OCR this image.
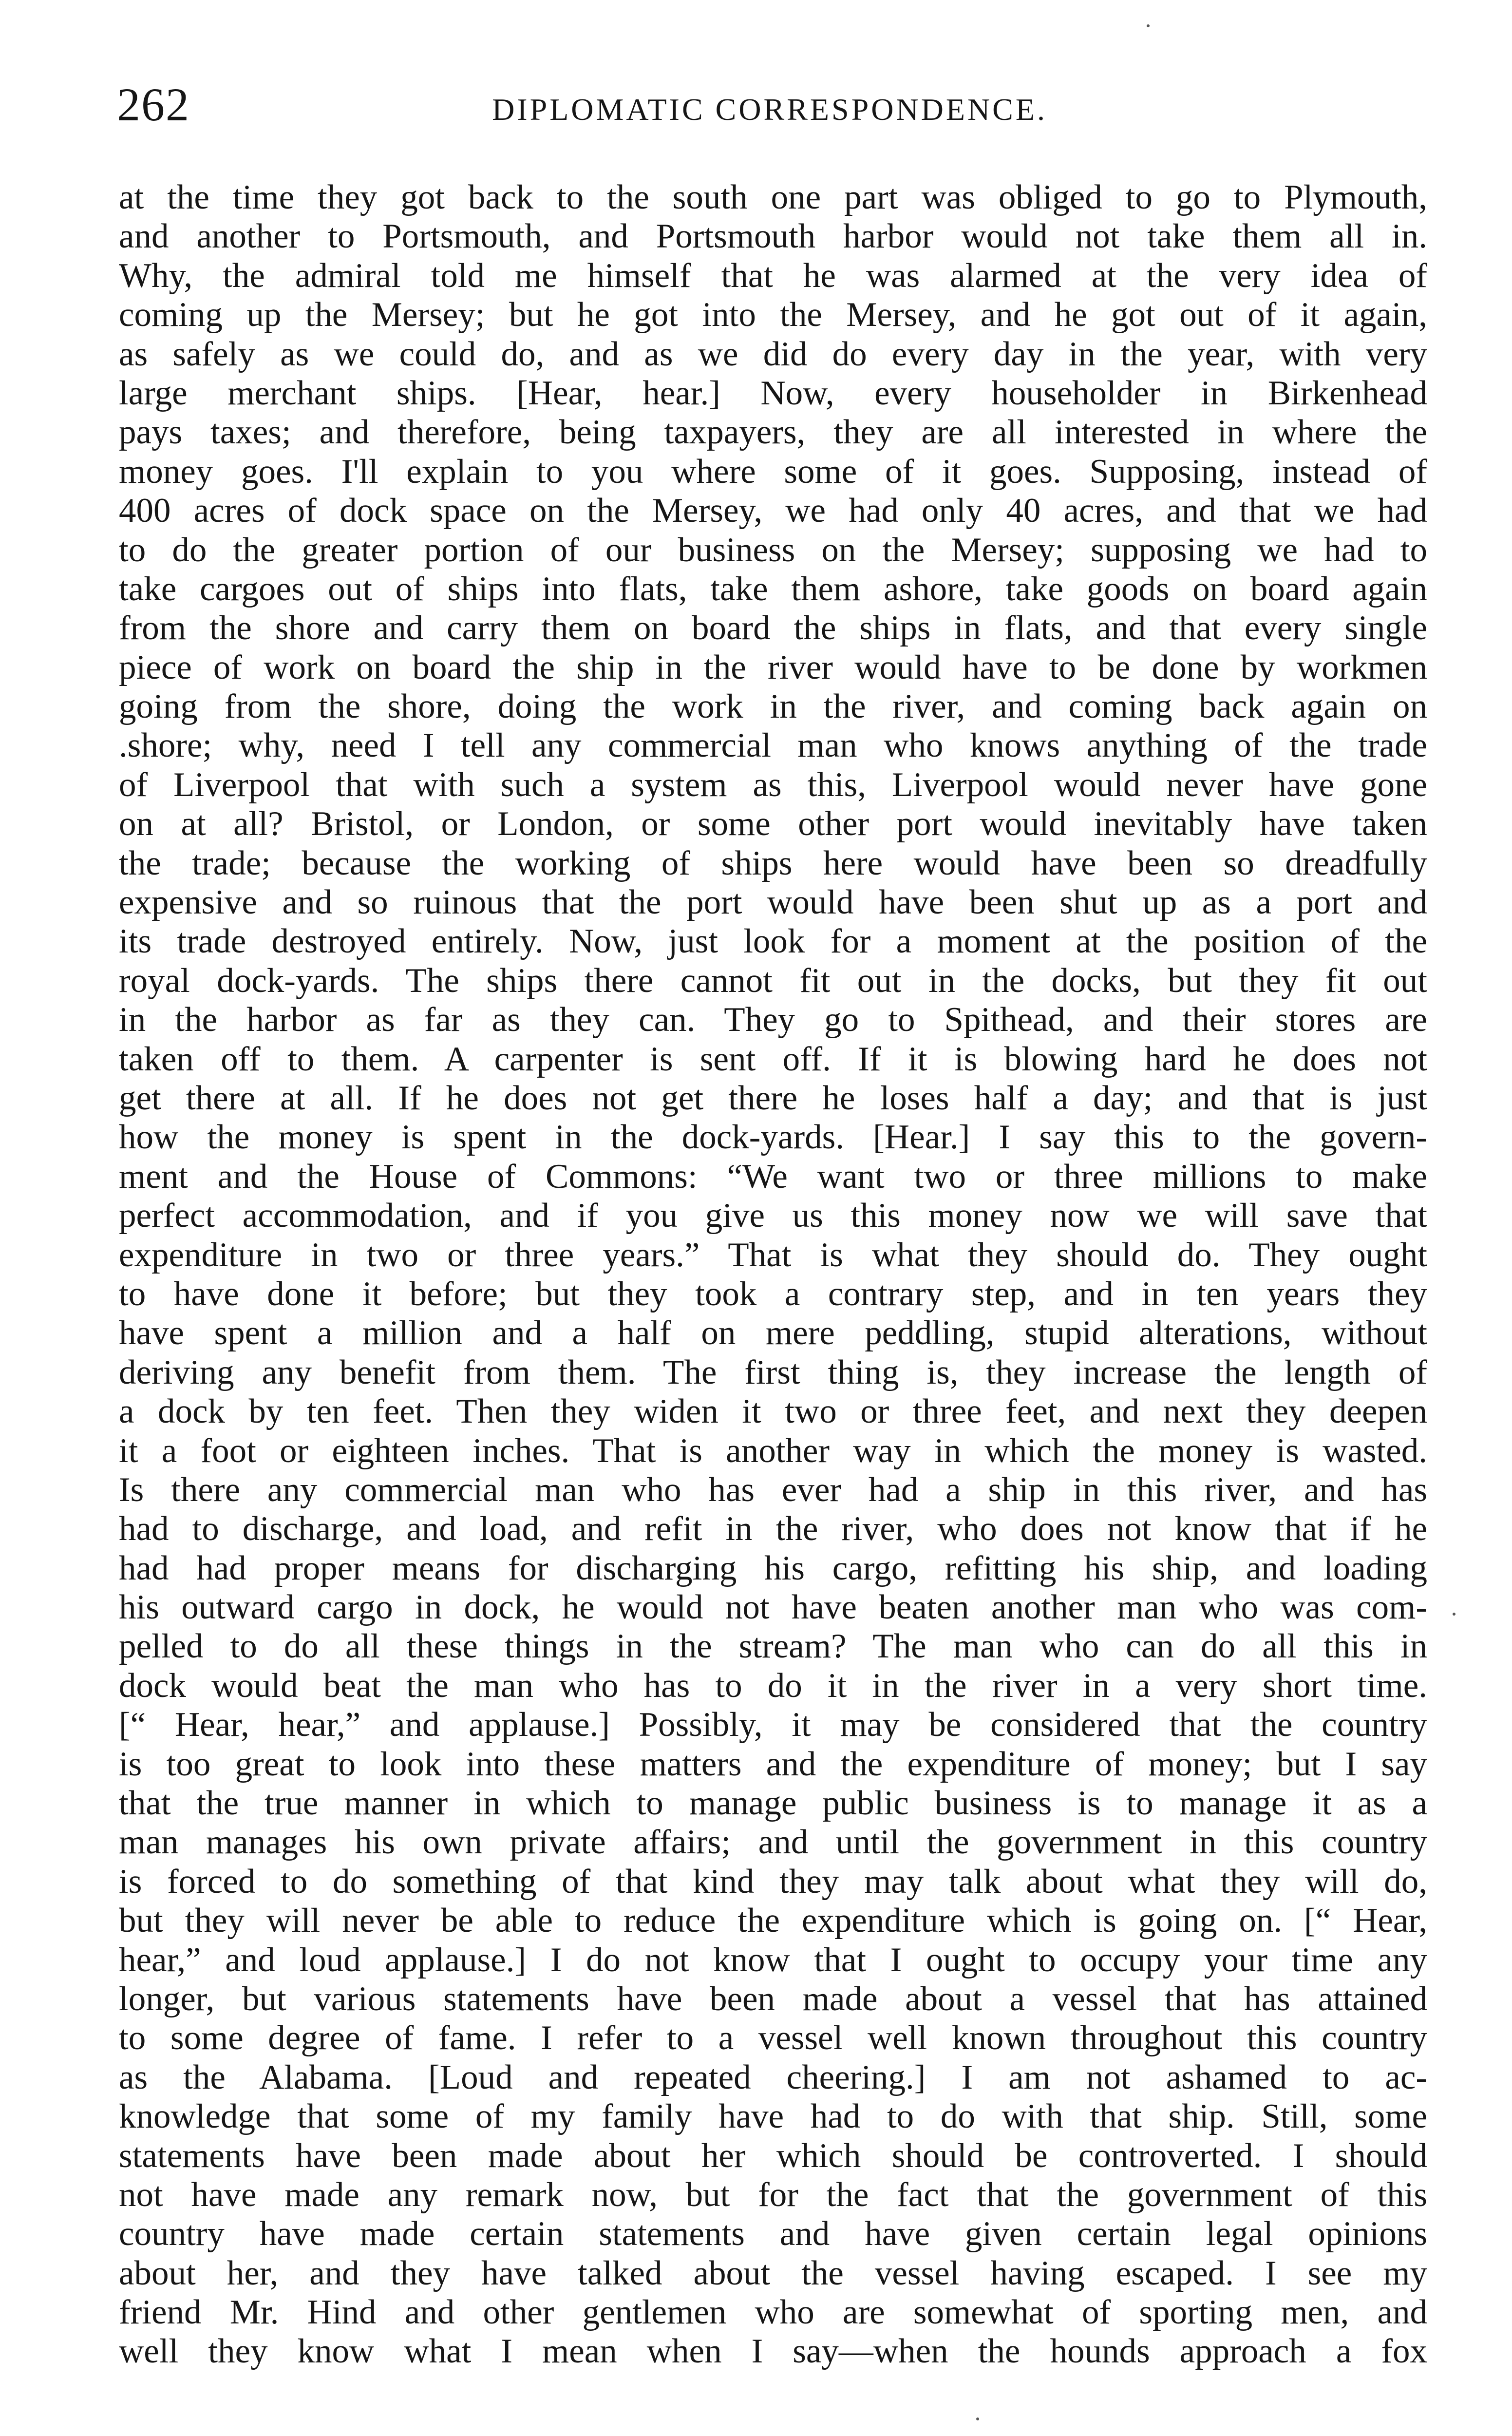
262	DIPLOMATIC CORRESPONDENCE.
at the time they got back to the south one part was obliged to go to Plymouth,
and another to Portsmouth, and Portsmouth harbor would not take them all in.
Why, the admiral told me himself that he was alarmed at the very idea of
coming up the Mersey; but he got into the Mersey, and he got out of it again,
as safely as we could do, and as we did do every day in the year, with very
large merchant ships. [Hear, hear.] Now, every householder in Birkenhead
pays taxes; and therefore, being taxpayers, they are all interested in where the
money goes. I'll explain to you where some of it goes. Supposing, instead of
400 acres of dock space on the Mersey, we had only 40 acres, and that we had
to do the greater portion of our business on the Mersey; supposing we had to
take cargoes out of ships into flats, take them ashore, take goods on board again
from the shore and carry them on board the ships in flats, and that every single
piece of work on board the ship in the river would have to be done by workmen
going from the shore, doing the work in the river, and coming back again on
.shore; why, need I tell any commercial man who knows anything of the trade
of Liverpool that with such a system as this, Liverpool would never have gone
on at all? Bristol, or London, or some other port would inevitably have taken
the trade; because the working of ships here would have been so dreadfully
expensive and so ruinous that the port would have been shut up as a port and
its trade destroyed entirely. Now, just look for a moment at the position of the
royal dock-yards. The ships there cannot fit out in the docks, but they fit out
in the harbor as far as they can. They go to Spithead, and their stores are
taken off to them. A carpenter is sent off. If it is blowing hard he does not
get there at all. If he does not get there he loses half a day; and that is just
how the money is spent in the dock-yards. [Hear.] I say this to the govern-
ment and the House of Commons: “We want two or three millions to make
perfect accommodation, and if you give us this money now we will save that
expenditure in two or three years.” That is what they should do. They ought
to have done it before; but they took a contrary step, and in ten years they
have spent a million and a half on mere peddling, stupid alterations, without
deriving any benefit from them. The first thing is, they increase the length of
a dock by ten feet. Then they widen it two or three feet, and next they deepen
it a foot or eighteen inches. That is another way in which the money is wasted.
Is there any commercial man who has ever had a ship in this river, and has
had to discharge, and load, and refit in the river, who does not know that if he
had had proper means for discharging his cargo, refitting his ship, and loading
his outward cargo in dock, he would not have beaten another man who was com-
pelled to do all these things in the stream? The man who can do all this in
dock would beat the man who has to do it in the river in a very short time.
[“ Hear, hear,” and applause.] Possibly, it may be considered that the country
is too great to look into these matters and the expenditure of money; but I say
that the true manner in which to manage public business is to manage it as a
man manages his own private affairs; and until the government in this country
is forced to do something of that kind they may talk about what they will do,
but they will never be able to reduce the expenditure which is going on. [“ Hear,
hear,” and loud applause.] I do not know that I ought to occupy your time any
longer, but various statements have been made about a vessel that has attained
to some degree of fame. I refer to a vessel well known throughout this country
as the Alabama. [Loud and repeated cheering.] I am not ashamed to ac-
knowledge that some of my family have had to do with that ship. Still, some
statements have been made about her which should be controverted. I should
not have made any remark now, but for the fact that the government of this
country have made certain statements and have given certain legal opinions
about her, and they have talked about the vessel having escaped. I see my
friend Mr. Hind and other gentlemen who are somewhat of sporting men, and
well they know what I mean when I say—when the hounds approach a fox
